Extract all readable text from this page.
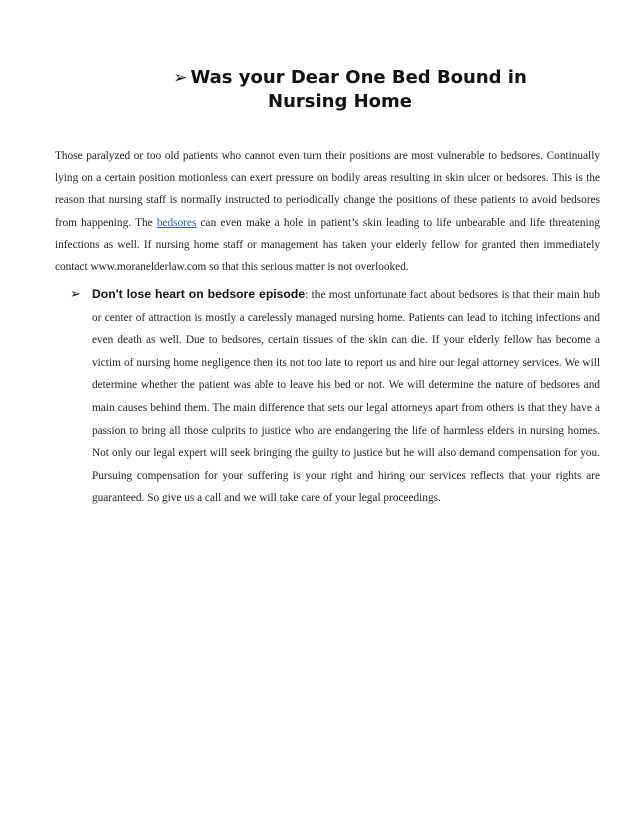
➢ Was your Dear One Bed Bound in
Nursing Home

Those paralyzed or too old patients who cannot even turn their positions are most vulnerable to bedsores. Continually lying on a certain position motionless can exert pressure on bodily areas resulting in skin ulcer or bedsores. This is the reason that nursing staff is normally instructed to periodically change the positions of these patients to avoid bedsores from happening. The bedsores can even make a hole in patient’s skin leading to life unbearable and life threatening infections as well. If nursing home staff or management has taken your elderly fellow for granted then immediately contact www.moranelderlaw.com so that this serious matter is not overlooked.

➢ Don't lose heart on bedsore episode: the most unfortunate fact about bedsores is that their main hub or center of attraction is mostly a carelessly managed nursing home. Patients can lead to itching infections and even death as well. Due to bedsores, certain tissues of the skin can die. If your elderly fellow has become a victim of nursing home negligence then its not too late to report us and hire our legal attorney services. We will determine whether the patient was able to leave his bed or not. We will determine the nature of bedsores and main causes behind them. The main difference that sets our legal attorneys apart from others is that they have a passion to bring all those culprits to justice who are endangering the life of harmless elders in nursing homes. Not only our legal expert will seek bringing the guilty to justice but he will also demand compensation for you. Pursuing compensation for your suffering is your right and hiring our services reflects that your rights are guaranteed. So give us a call and we will take care of your legal proceedings.
